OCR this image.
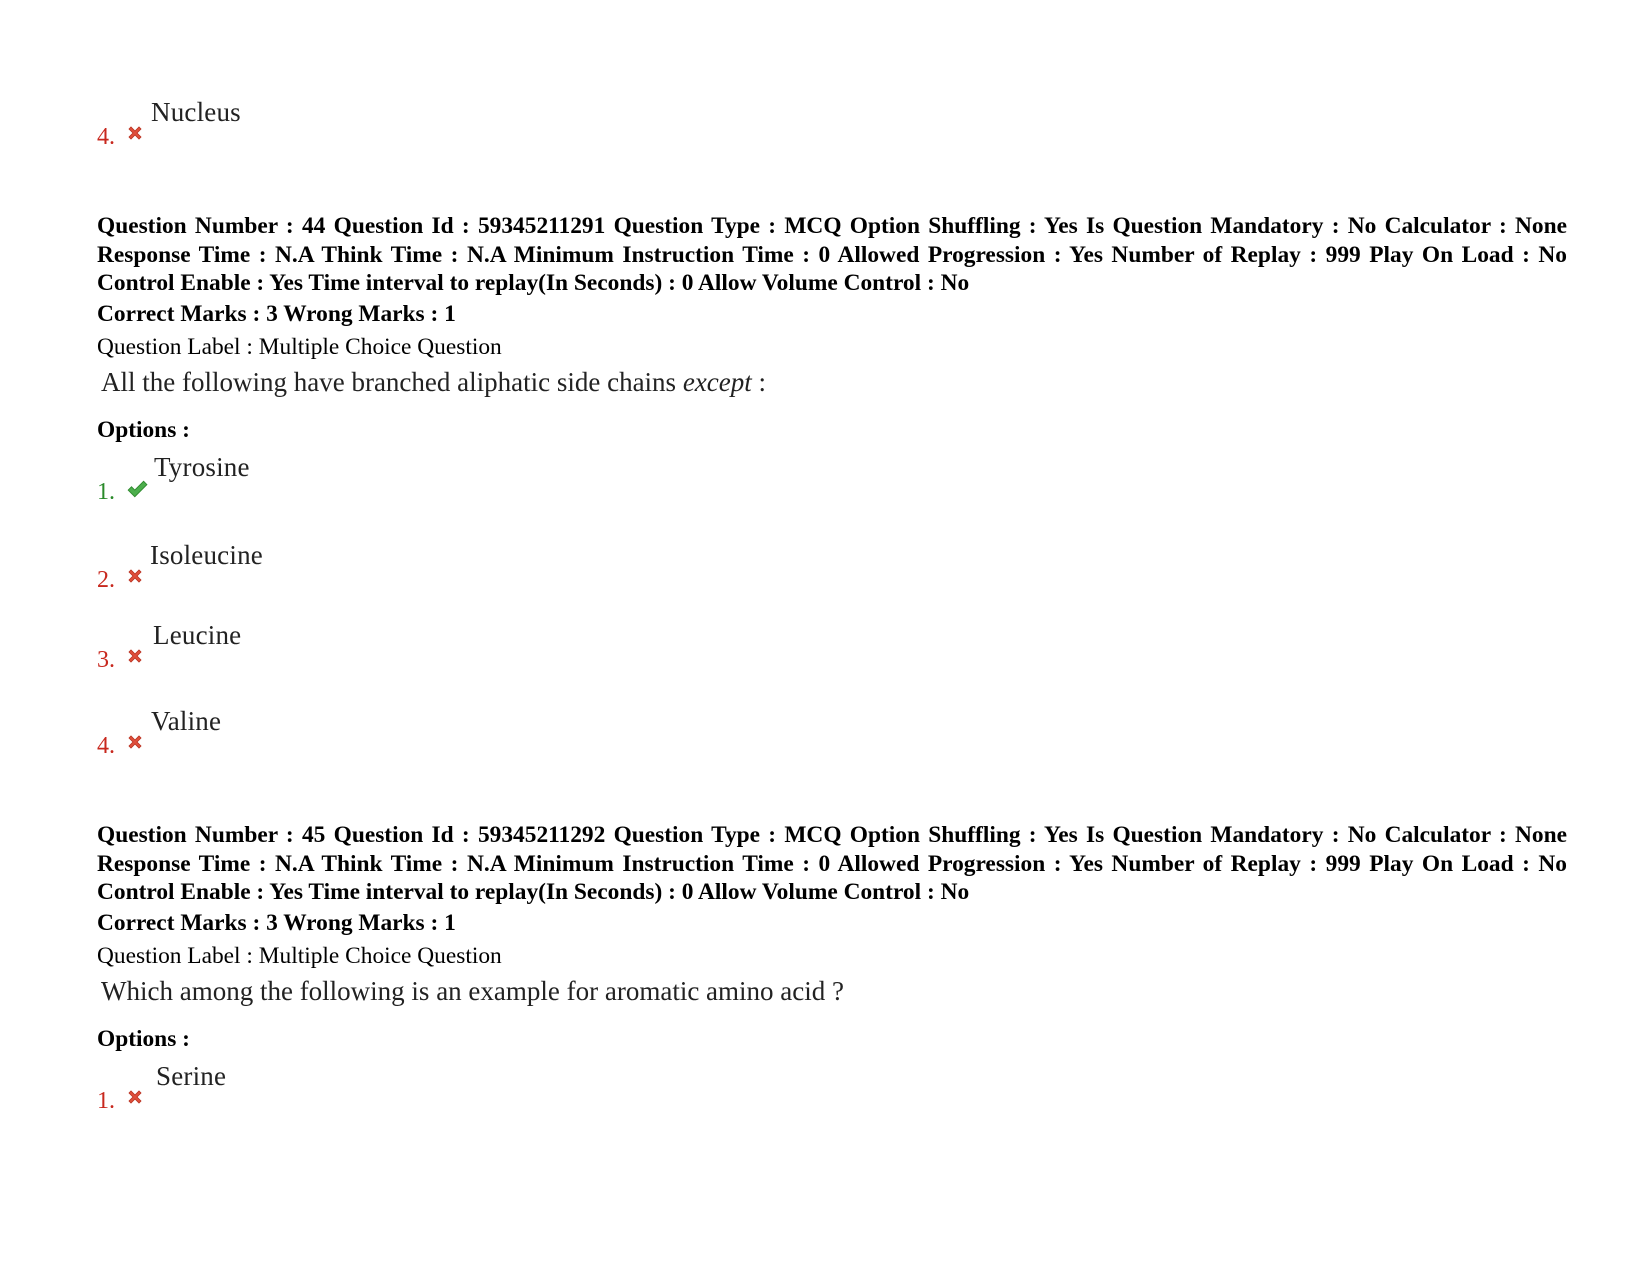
4.
Nucleus
Question Number : 44 Question Id : 59345211291 Question Type : MCQ Option Shuffling : Yes Is Question Mandatory : No Calculator : None Response Time : N.A Think Time : N.A Minimum Instruction Time : 0 Allowed Progression : Yes Number of Replay : 999 Play On Load : No Control Enable : Yes Time interval to replay(In Seconds) : 0 Allow Volume Control : No
Correct Marks : 3 Wrong Marks : 1
Question Label : Multiple Choice Question
All the following have branched aliphatic side chains except :
Options :
1.
Tyrosine
2.
Isoleucine
3.
Leucine
4.
Valine
Question Number : 45 Question Id : 59345211292 Question Type : MCQ Option Shuffling : Yes Is Question Mandatory : No Calculator : None Response Time : N.A Think Time : N.A Minimum Instruction Time : 0 Allowed Progression : Yes Number of Replay : 999 Play On Load : No Control Enable : Yes Time interval to replay(In Seconds) : 0 Allow Volume Control : No
Correct Marks : 3 Wrong Marks : 1
Question Label : Multiple Choice Question
Which among the following is an example for aromatic amino acid ?
Options :
1.
Serine
